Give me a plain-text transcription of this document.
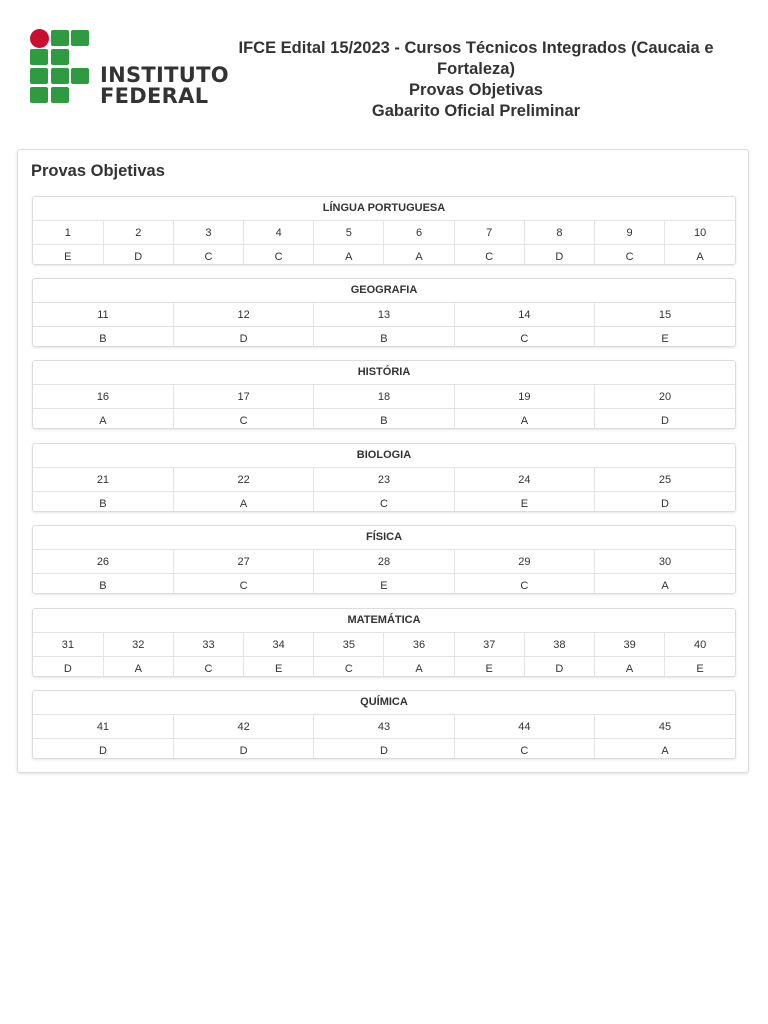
INSTITUTO
FEDERAL
IFCE Edital 15/2023 - Cursos Técnicos Integrados (Caucaia e
Fortaleza)
Provas Objetivas
Gabarito Oficial Preliminar
Provas Objetivas
LÍNGUA PORTUGUESA
1	2	3	4	5	6	7	8	9	10
E	D	C	C	A	A	C	D	C	A
GEOGRAFIA
11	12	13	14	15
B	D	B	C	E
HISTÓRIA
16	17	18	19	20
A	C	B	A	D
BIOLOGIA
21	22	23	24	25
B	A	C	E	D
FÍSICA
26	27	28	29	30
B	C	E	C	A
MATEMÁTICA
31	32	33	34	35	36	37	38	39	40
D	A	C	E	C	A	E	D	A	E
QUÍMICA
41	42	43	44	45
D	D	D	C	A
